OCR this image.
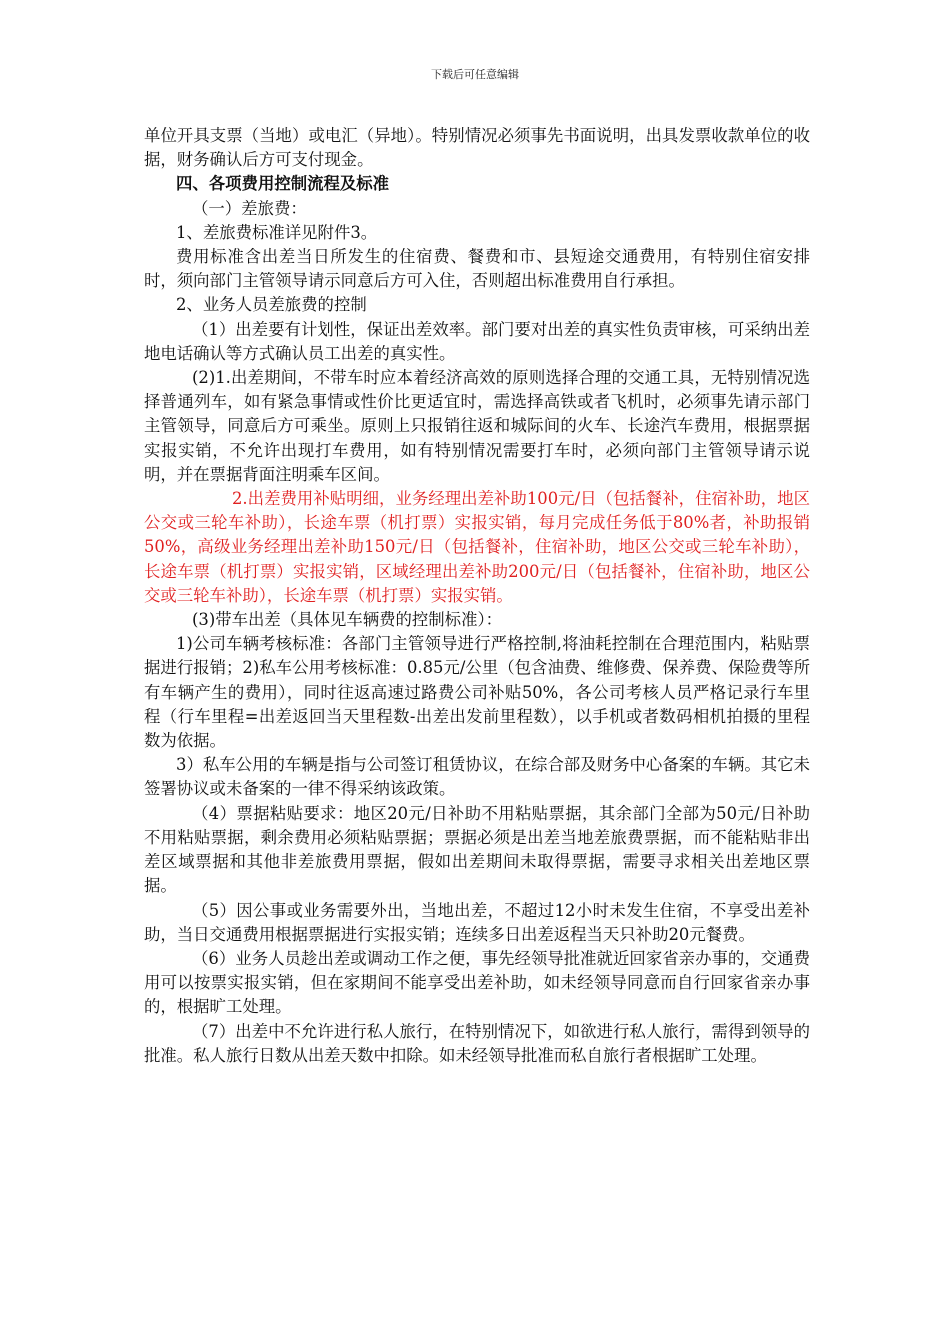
下载后可任意编辑

单位开具支票（当地）或电汇（异地）。特别情况必须事先书面说明，出具发票收款单位的收据，财务确认后方可支付现金。

四、各项费用控制流程及标准

（一）差旅费：

1、差旅费标准详见附件3。

费用标准含出差当日所发生的住宿费、餐费和市、县短途交通费用，有特别住宿安排时，须向部门主管领导请示同意后方可入住，否则超出标准费用自行承担。

2、业务人员差旅费的控制

（1）出差要有计划性，保证出差效率。部门要对出差的真实性负责审核，可采纳出差地电话确认等方式确认员工出差的真实性。

(2)1.出差期间，不带车时应本着经济高效的原则选择合理的交通工具，无特别情况选择普通列车，如有紧急事情或性价比更适宜时，需选择高铁或者飞机时，必须事先请示部门主管领导，同意后方可乘坐。原则上只报销往返和城际间的火车、长途汽车费用，根据票据实报实销，不允许出现打车费用，如有特别情况需要打车时，必须向部门主管领导请示说明，并在票据背面注明乘车区间。

2.出差费用补贴明细，业务经理出差补助100元/日（包括餐补，住宿补助，地区公交或三轮车补助），长途车票（机打票）实报实销，每月完成任务低于80%者，补助报销50%，高级业务经理出差补助150元/日（包括餐补，住宿补助，地区公交或三轮车补助），长途车票（机打票）实报实销，区域经理出差补助200元/日（包括餐补，住宿补助，地区公交或三轮车补助），长途车票（机打票）实报实销。

(3)带车出差（具体见车辆费的控制标准）：

1)公司车辆考核标准：各部门主管领导进行严格控制,将油耗控制在合理范围内，粘贴票据进行报销；2)私车公用考核标准：0.85元/公里（包含油费、维修费、保养费、保险费等所有车辆产生的费用），同时往返高速过路费公司补贴50%，各公司考核人员严格记录行车里程（行车里程=出差返回当天里程数-出差出发前里程数），以手机或者数码相机拍摄的里程数为依据。

3）私车公用的车辆是指与公司签订租赁协议，在综合部及财务中心备案的车辆。其它未签署协议或未备案的一律不得采纳该政策。

（4）票据粘贴要求：地区20元/日补助不用粘贴票据，其余部门全部为50元/日补助不用粘贴票据，剩余费用必须粘贴票据；票据必须是出差当地差旅费票据，而不能粘贴非出差区域票据和其他非差旅费用票据，假如出差期间未取得票据，需要寻求相关出差地区票据。

（5）因公事或业务需要外出，当地出差，不超过12小时未发生住宿，不享受出差补助，当日交通费用根据票据进行实报实销；连续多日出差返程当天只补助20元餐费。

（6）业务人员趁出差或调动工作之便，事先经领导批准就近回家省亲办事的，交通费用可以按票实报实销，但在家期间不能享受出差补助，如未经领导同意而自行回家省亲办事的，根据旷工处理。

（7）出差中不允许进行私人旅行，在特别情况下，如欲进行私人旅行，需得到领导的批准。私人旅行日数从出差天数中扣除。如未经领导批准而私自旅行者根据旷工处理。
